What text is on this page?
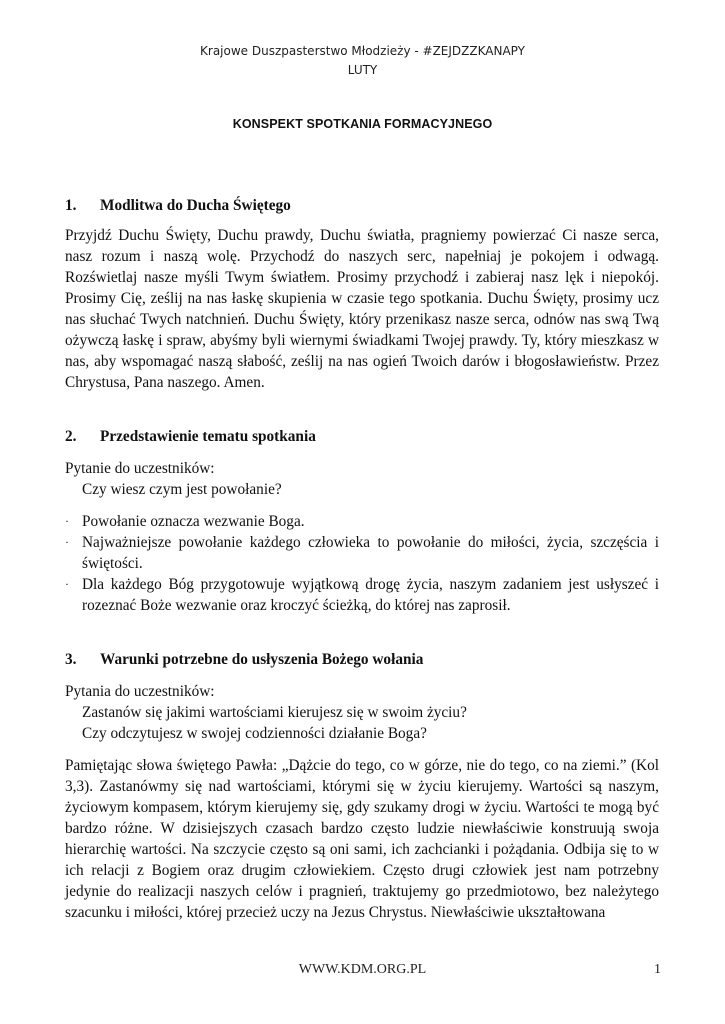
Krajowe Duszpasterstwo Młodzieży - #ZEJDZZKANAPY
LUTY
KONSPEKT SPOTKANIA FORMACYJNEGO
1.	Modlitwa do Ducha Świętego

Przyjdź Duchu Święty, Duchu prawdy, Duchu światła, pragniemy powierzać Ci nasze serca, nasz rozum i naszą wolę. Przychodź do naszych serc, napełniaj je pokojem i odwagą. Rozświetlaj nasze myśli Twym światłem. Prosimy przychodź i zabieraj nasz lęk i niepokój. Prosimy Cię, ześlij na nas łaskę skupienia w czasie tego spotkania. Duchu Święty, prosimy ucz nas słuchać Twych natchnień. Duchu Święty, który przenikasz nasze serca, odnów nas swą Twą ożywczą łaskę i spraw, abyśmy byli wiernymi świadkami Twojej prawdy. Ty, który mieszkasz w nas, aby wspomagać naszą słabość, ześlij na nas ogień Twoich darów i błogosławieństw. Przez Chrystusa, Pana naszego. Amen.

2.	Przedstawienie tematu spotkania

Pytanie do uczestników:

Czy wiesz czym jest powołanie?

· Powołanie oznacza wezwanie Boga.
· Najważniejsze powołanie każdego człowieka to powołanie do miłości, życia, szczęścia i świętości.
· Dla każdego Bóg przygotowuje wyjątkową drogę życia, naszym zadaniem jest usłyszeć i rozeznać Boże wezwanie oraz kroczyć ścieżką, do której nas zaprosił.
3.	Warunki potrzebne do usłyszenia Bożego wołania

Pytania do uczestników:

Zastanów się jakimi wartościami kierujesz się w swoim życiu?

Czy odczytujesz w swojej codzienności działanie Boga?

Pamiętając słowa świętego Pawła: „Dążcie do tego, co w górze, nie do tego, co na ziemi.” (Kol 3,3). Zastanówmy się nad wartościami, którymi się w życiu kierujemy. Wartości są naszym, życiowym kompasem, którym kierujemy się, gdy szukamy drogi w życiu. Wartości te mogą być bardzo różne. W dzisiejszych czasach bardzo często ludzie niewłaściwie konstruują swoja hierarchię wartości. Na szczycie często są oni sami, ich zachcianki i pożądania. Odbija się to w ich relacji z Bogiem oraz drugim człowiekiem. Często drugi człowiek jest nam potrzebny jedynie do realizacji naszych celów i pragnień, traktujemy go przedmiotowo, bez należytego szacunku i miłości, której przecież uczy na Jezus Chrystus. Niewłaściwie ukształtowana

WWW.KDM.ORG.PL	1
